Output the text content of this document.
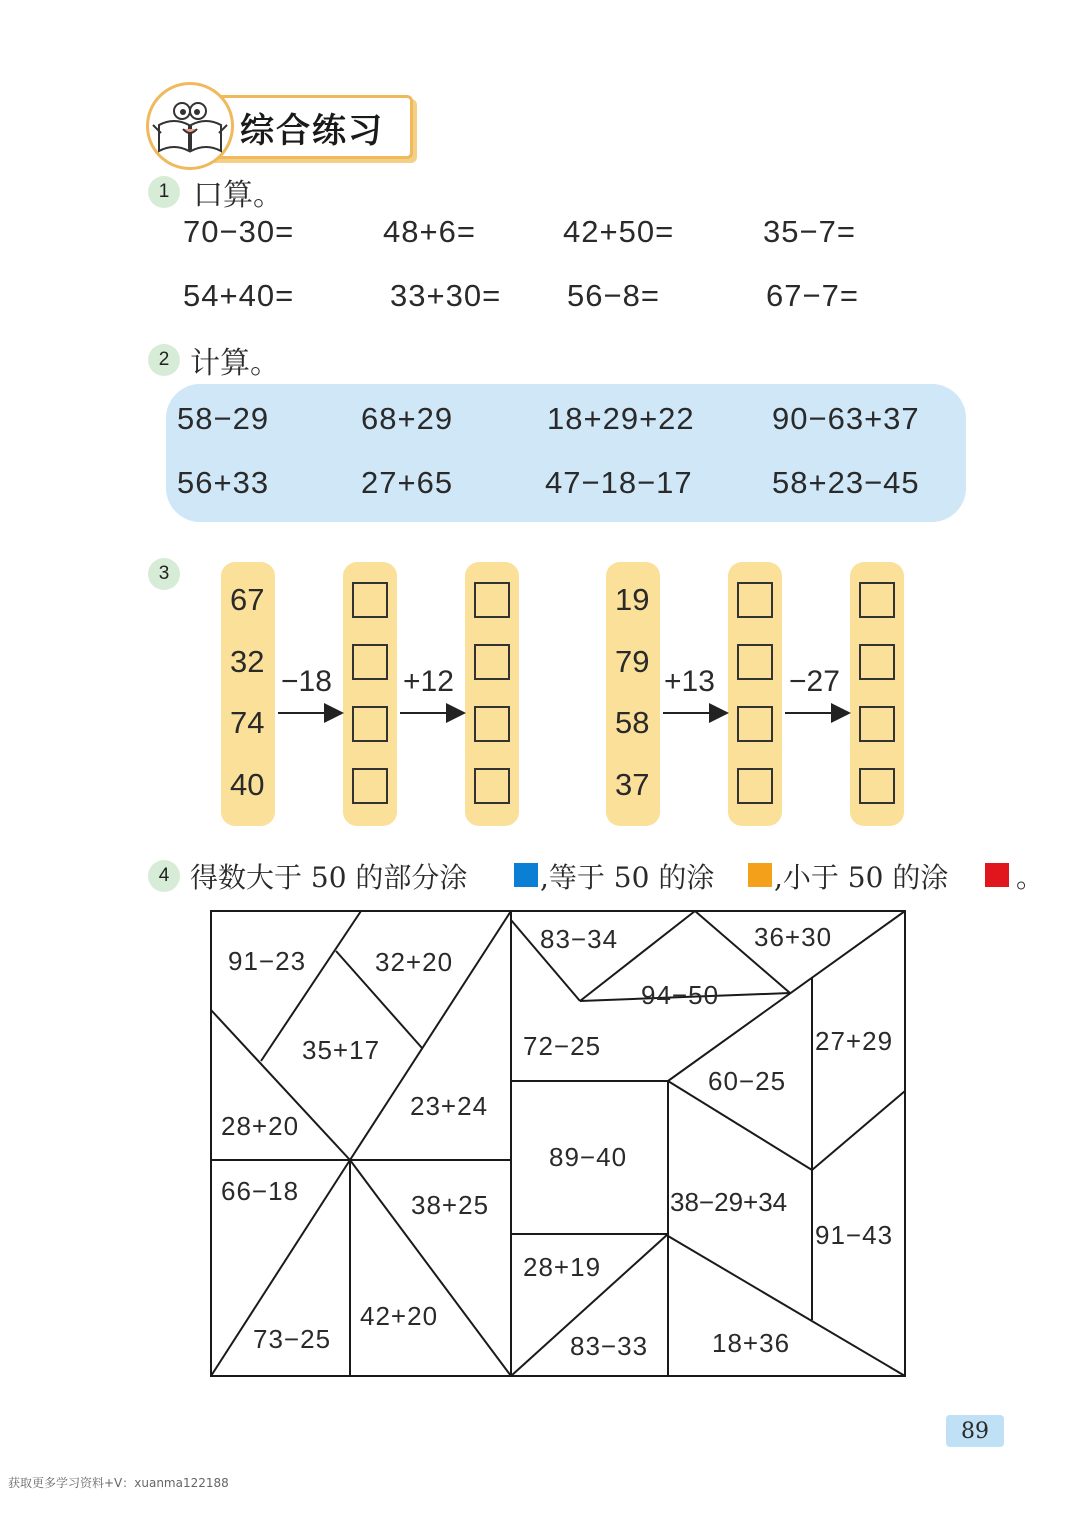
综合练习
1 口算。
70−30=	48+6=	42+50=	35−7=
54+40=	33+30= 56−8=	67−7=
2 计算。
58−29	68+29	18+29+22 90−63+37
56+33	27+65	47−18−17	58+23−45
3
67
32
74
40
−18 +12
19
79
58
37
+13 −27
4 得数大于 50 的部分涂	,等于 50 的涂 ,小于 50 的涂 。
91−23	32+20
35+17
28+20
23+24
66−18	38+25
73−25
42+20
83−34	36+30
94−50
72−25	27+29
60−25
89−40
38−29+34
91−43
28+19
83−33 18+36
89
获取更多学习资料+V：xuanma122188
